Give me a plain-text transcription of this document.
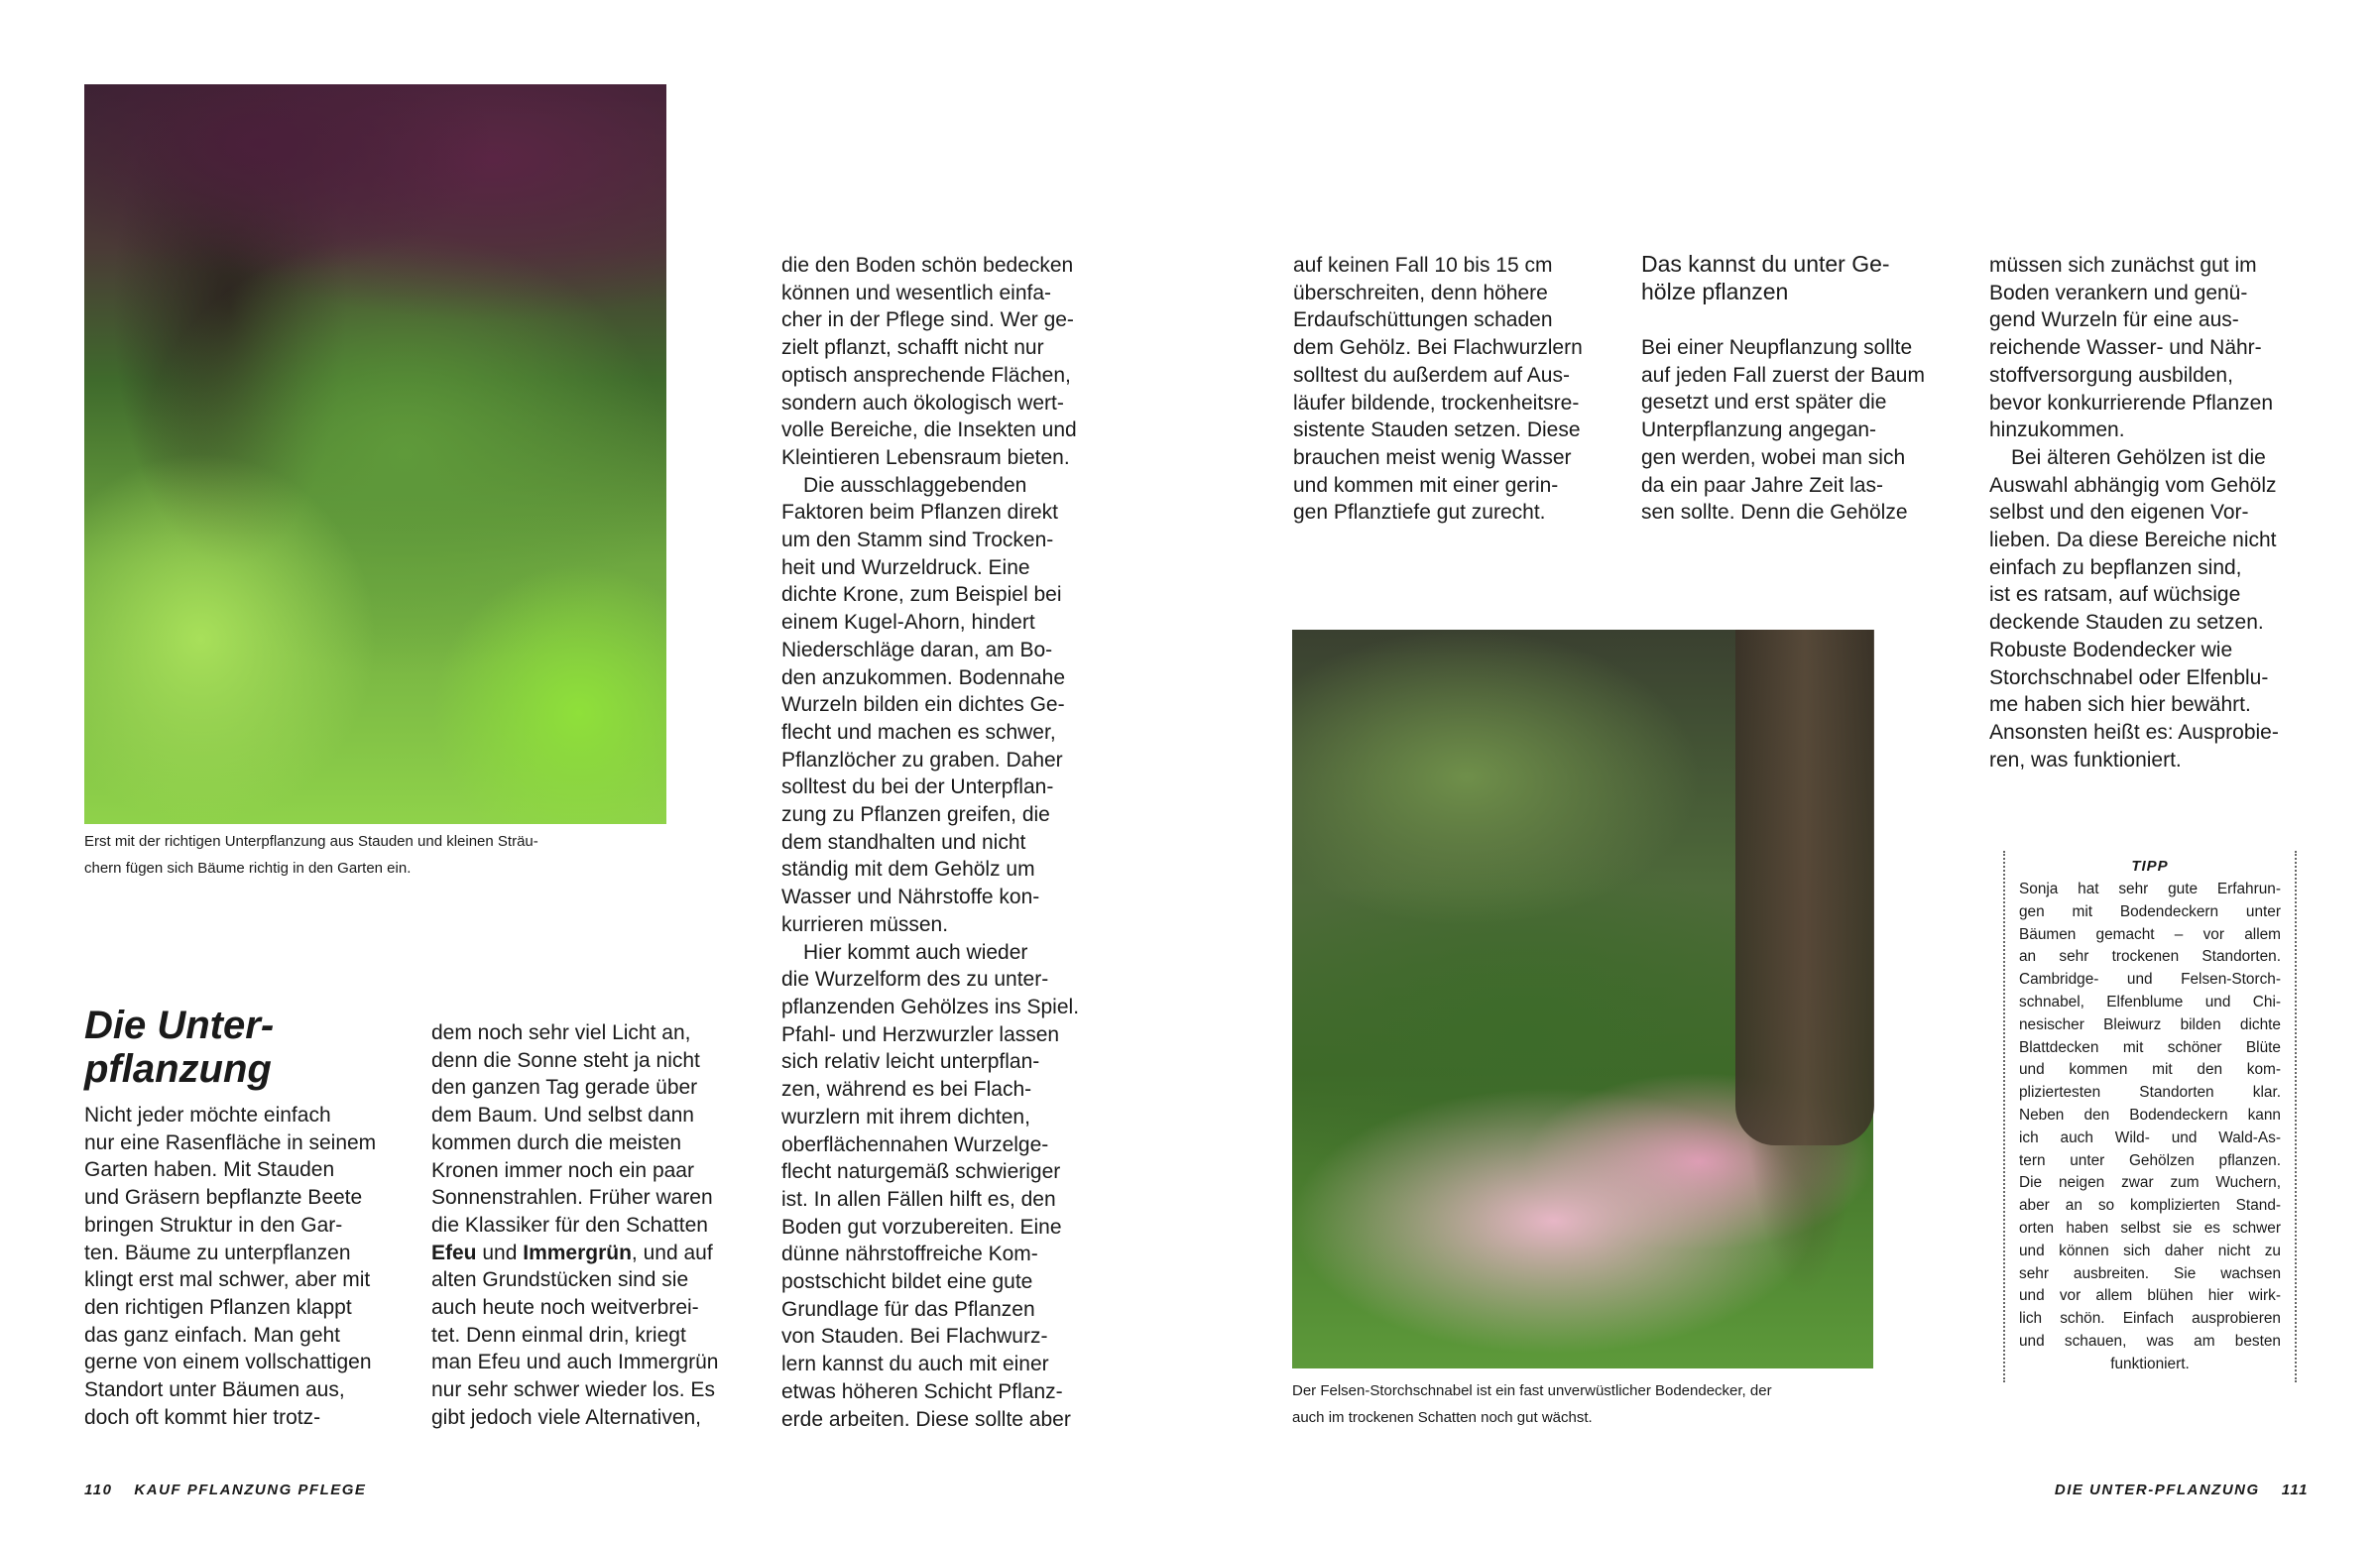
Erst mit der richtigen Unterpflanzung aus Stauden und kleinen Sträu-
chern fügen sich Bäume richtig in den Garten ein.
Die Unter-
pflanzung
Nicht jeder möchte einfach
nur eine Rasenfläche in seinem
Garten haben. Mit Stauden
und Gräsern bepflanzte Beete
bringen Struktur in den Gar-
ten. Bäume zu unterpflanzen
klingt erst mal schwer, aber mit
den richtigen Pflanzen klappt
das ganz einfach. Man geht
gerne von einem vollschattigen
Standort unter Bäumen aus,
doch oft kommt hier trotz-
dem noch sehr viel Licht an,
denn die Sonne steht ja nicht
den ganzen Tag gerade über
dem Baum. Und selbst dann
kommen durch die meisten
Kronen immer noch ein paar
Sonnenstrahlen. Früher waren
die Klassiker für den Schatten
Efeu und Immergrün, und auf
alten Grundstücken sind sie
auch heute noch weitverbrei-
tet. Denn einmal drin, kriegt
man Efeu und auch Immergrün
nur sehr schwer wieder los. Es
gibt jedoch viele Alternativen,
die den Boden schön bedecken
können und wesentlich einfa-
cher in der Pflege sind. Wer ge-
zielt pflanzt, schafft nicht nur
optisch ansprechende Flächen,
sondern auch ökologisch wert-
volle Bereiche, die Insekten und
Kleintieren Lebensraum bieten.
Die ausschlaggebenden
Faktoren beim Pflanzen direkt
um den Stamm sind Trocken-
heit und Wurzeldruck. Eine
dichte Krone, zum Beispiel bei
einem Kugel-Ahorn, hindert
Niederschläge daran, am Bo-
den anzukommen. Bodennahe
Wurzeln bilden ein dichtes Ge-
flecht und machen es schwer,
Pflanzlöcher zu graben. Daher
solltest du bei der Unterpflan-
zung zu Pflanzen greifen, die
dem standhalten und nicht
ständig mit dem Gehölz um
Wasser und Nährstoffe kon-
kurrieren müssen.
Hier kommt auch wieder
die Wurzelform des zu unter-
pflanzenden Gehölzes ins Spiel.
Pfahl- und Herzwurzler lassen
sich relativ leicht unterpflan-
zen, während es bei Flach-
wurzlern mit ihrem dichten,
oberflächennahen Wurzelge-
flecht naturgemäß schwieriger
ist. In allen Fällen hilft es, den
Boden gut vorzubereiten. Eine
dünne nährstoffreiche Kom-
postschicht bildet eine gute
Grundlage für das Pflanzen
von Stauden. Bei Flachwurz-
lern kannst du auch mit einer
etwas höheren Schicht Pflanz-
erde arbeiten. Diese sollte aber
auf keinen Fall 10 bis 15 cm
überschreiten, denn höhere
Erdaufschüttungen schaden
dem Gehölz. Bei Flachwurzlern
solltest du außerdem auf Aus-
läufer bildende, trockenheitsre-
sistente Stauden setzen. Diese
brauchen meist wenig Wasser
und kommen mit einer gerin-
gen Pflanztiefe gut zurecht.
Das kannst du unter Ge-
hölze pflanzen
Bei einer Neupflanzung sollte
auf jeden Fall zuerst der Baum
gesetzt und erst später die
Unterpflanzung angegan-
gen werden, wobei man sich
da ein paar Jahre Zeit las-
sen sollte. Denn die Gehölze
müssen sich zunächst gut im
Boden verankern und genü-
gend Wurzeln für eine aus-
reichende Wasser- und Nähr-
stoffversorgung ausbilden,
bevor konkurrierende Pflanzen
hinzukommen.
Bei älteren Gehölzen ist die
Auswahl abhängig vom Gehölz
selbst und den eigenen Vor-
lieben. Da diese Bereiche nicht
einfach zu bepflanzen sind,
ist es ratsam, auf wüchsige
deckende Stauden zu setzen.
Robuste Bodendecker wie
Storchschnabel oder Elfenblu-
me haben sich hier bewährt.
Ansonsten heißt es: Ausprobie-
ren, was funktioniert.
Der Felsen-Storchschnabel ist ein fast unverwüstlicher Bodendecker, der
auch im trockenen Schatten noch gut wächst.
TIPP
Sonja hat sehr gute Erfahrun-
gen mit Bodendeckern unter
Bäumen gemacht – vor allem
an sehr trockenen Standorten.
Cambridge- und Felsen-Storch-
schnabel, Elfenblume und Chi-
nesischer Bleiwurz bilden dichte
Blattdecken mit schöner Blüte
und kommen mit den kom-
pliziertesten Standorten klar.
Neben den Bodendeckern kann
ich auch Wild- und Wald-As-
tern unter Gehölzen pflanzen.
Die neigen zwar zum Wuchern,
aber an so komplizierten Stand-
orten haben selbst sie es schwer
und können sich daher nicht zu
sehr ausbreiten. Sie wachsen
und vor allem blühen hier wirk-
lich schön. Einfach ausprobieren
und schauen, was am besten
funktioniert.
110 KAUF PFLANZUNG PFLEGE	DIE UNTER-PFLANZUNG 111
